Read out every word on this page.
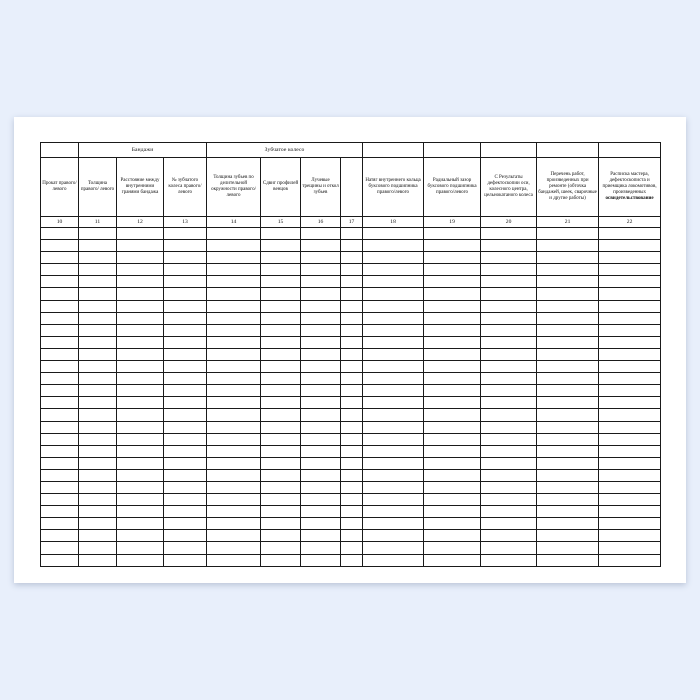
	Бандажи			Зубчатое колесо								

Прокат правого/ левого	Толщина правого/ левого	Расстояние между внутренними гранями бандажа	№ зубчатого колеса правого/ левого	Толщина зубьев по делительной окружности правого/ левого	Сдвиг профилей венцов	Лучевые трещины и откол зубьев		Натяг внутреннего кольца буксового подшипника правого/левого	Радиальный зазор буксового подшипника правого/левого	С Результаты дефектоскопии оси, колесного центра, цельнокатаного колеса	Перечень работ, произведенных при ремонте (обточка бандажей, шеек, сварочные и другие работы)	Расписка мастера, дефектоскописта и приемщика локомотивов, произведенных освидетельствование

10	11	12	13	14	15	16	17	18	19	20	21	22
